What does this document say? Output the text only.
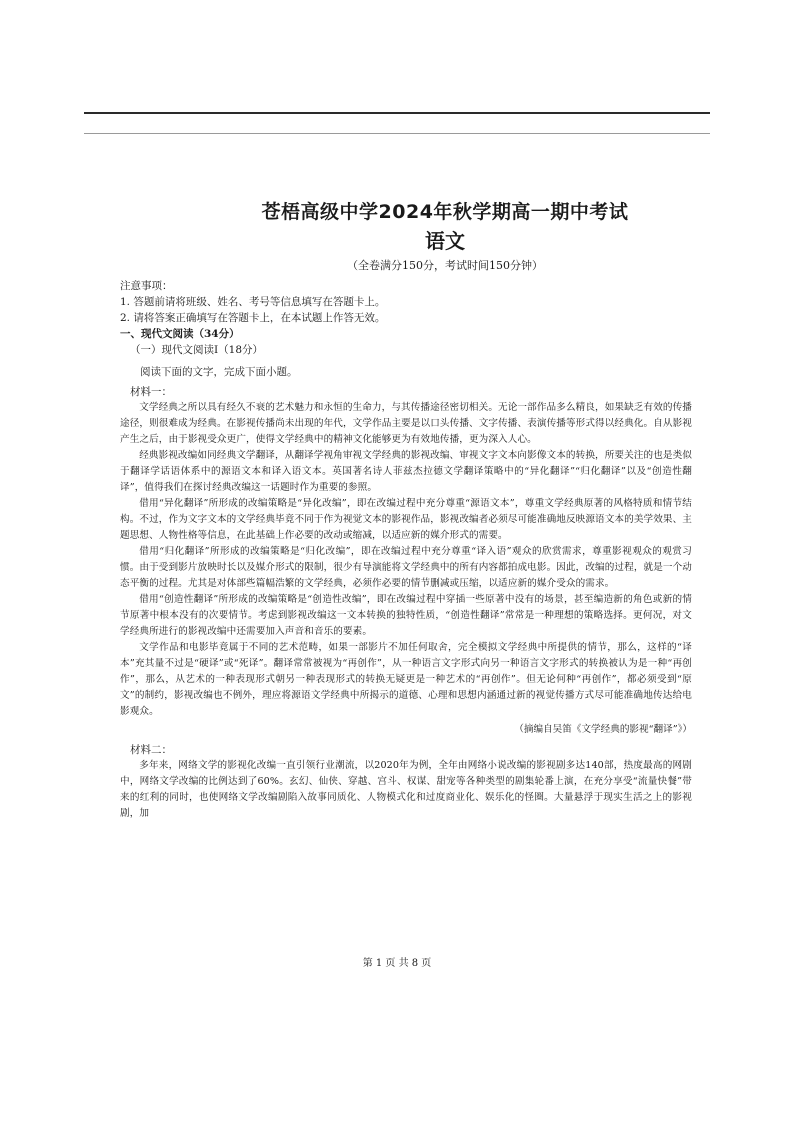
苍梧高级中学2024年秋学期高一期中考试
语文

（全卷满分150分，考试时间150分钟）

注意事项：

1. 答题前请将班级、姓名、考号等信息填写在答题卡上。

2. 请将答案正确填写在答题卡上，在本试题上作答无效。

一、现代文阅读（34分）

（一）现代文阅读Ⅰ（18分）

阅读下面的文字，完成下面小题。

材料一：

文学经典之所以具有经久不衰的艺术魅力和永恒的生命力，与其传播途径密切相关。无论一部作品多么精良，如果缺乏有效的传播途径，则很难成为经典。在影视传播尚未出现的年代，文学作品主要是以口头传播、文字传播、表演传播等形式得以经典化。自从影视产生之后，由于影视受众更广，使得文学经典中的精神文化能够更为有效地传播，更为深入人心。

经典影视改编如同经典文学翻译，从翻译学视角审视文学经典的影视改编、审视文字文本向影像文本的转换，所要关注的也是类似于翻译学话语体系中的源语文本和译入语文本。英国著名诗人菲兹杰拉德文学翻译策略中的“异化翻译”“归化翻译”以及“创造性翻译”，值得我们在探讨经典改编这一话题时作为重要的参照。

借用“异化翻译”所形成的改编策略是“异化改编”，即在改编过程中充分尊重“源语文本”，尊重文学经典原著的风格特质和情节结构。不过，作为文字文本的文学经典毕竟不同于作为视觉文本的影视作品，影视改编者必须尽可能准确地反映源语文本的美学效果、主题思想、人物性格等信息，在此基础上作必要的改动或缩减，以适应新的媒介形式的需要。

借用“归化翻译”所形成的改编策略是“归化改编”，即在改编过程中充分尊重“译入语”观众的欣赏需求，尊重影视观众的观赏习惯。由于受到影片放映时长以及媒介形式的限制，很少有导演能将文学经典中的所有内容都拍成电影。因此，改编的过程，就是一个动态平衡的过程。尤其是对体部些篇幅浩繁的文学经典，必须作必要的情节删减或压缩，以适应新的媒介受众的需求。

借用“创造性翻译”所形成的改编策略是“创造性改编”，即在改编过程中穿插一些原著中没有的场景，甚至编造新的角色或新的情节原著中根本没有的次要情节。考虑到影视改编这一文本转换的独特性质，“创造性翻译”常常是一种理想的策略选择。更何况，对文学经典所进行的影视改编中还需要加入声音和音乐的要素。

文学作品和电影毕竟属于不同的艺术范畴，如果一部影片不加任何取舍，完全模拟文学经典中所提供的情节，那么，这样的“译本”充其量不过是“硬译”或“死译”。翻译常常被视为“再创作”，从一种语言文字形式向另一种语言文字形式的转换被认为是一种“再创作”，那么，从艺术的一种表现形式朝另一种表现形式的转换无疑更是一种艺术的“再创作”。但无论何种“再创作”，都必须受到“原文”的制约，影视改编也不例外，理应将源语文学经典中所揭示的道德、心理和思想内涵通过新的视觉传播方式尽可能准确地传达给电影观众。

（摘编自吴笛《文学经典的影视“翻译”》）

材料二：

多年来，网络文学的影视化改编一直引领行业潮流，以2020年为例，全年由网络小说改编的影视剧多达140部，热度最高的网剧中，网络文学改编的比例达到了60%。玄幻、仙侠、穿越、宫斗、权谋、甜宠等各种类型的剧集轮番上演，在充分享受“流量快餐”带来的红利的同时，也使网络文学改编剧陷入故事同质化、人物模式化和过度商业化、娱乐化的怪圈。大量悬浮于现实生活之上的影视剧，加

第 1 页 共 8 页
